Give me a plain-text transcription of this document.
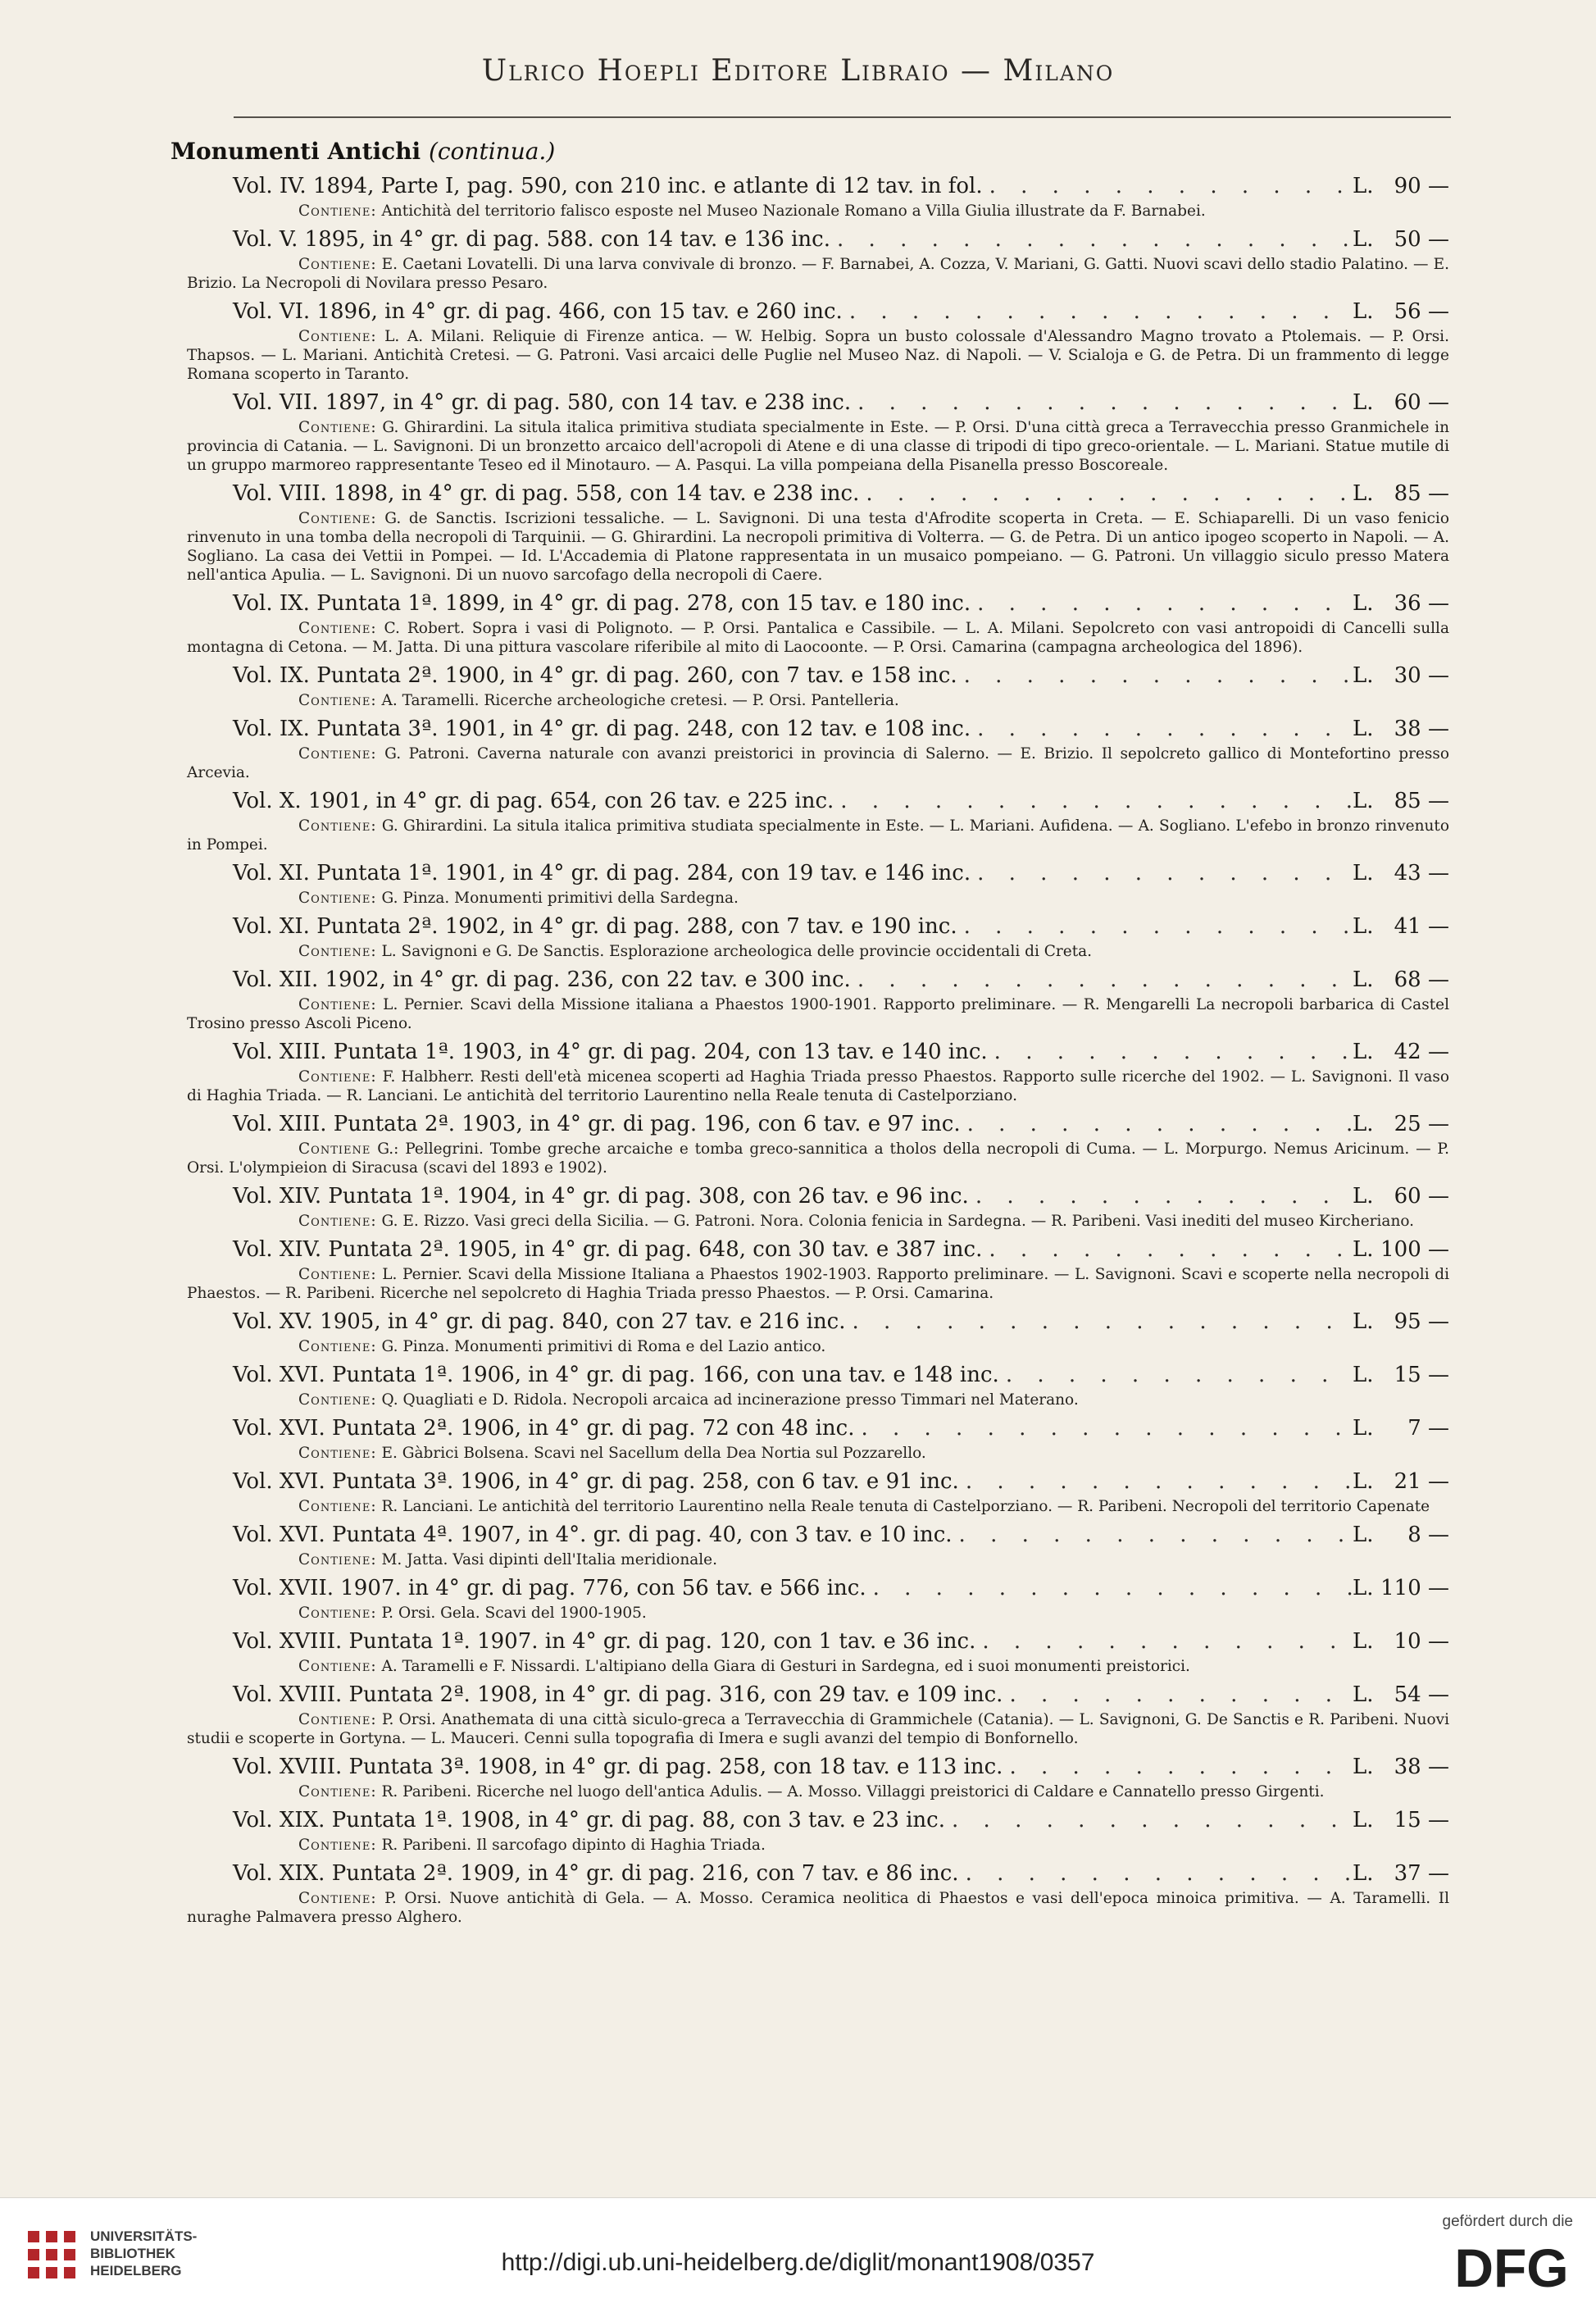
Ulrico Hoepli Editore Libraio — Milano
Monumenti Antichi (continua.)
Vol. IV. 1894, Parte I, pag. 590, con 210 inc. e atlante di 12 tav. in fol. . . .	L. 90 —
Contiene: Antichità del territorio falisco esposte nel Museo Nazionale Romano a Villa Giulia illustrate da F. Barnabei.
Vol. V. 1895, in 4° gr. di pag. 588. con 14 tav. e 136 inc. . . .	L. 50 —
Contiene: E. Caetani Lovatelli. Di una larva convivale di bronzo. — F. Barnabei, A. Cozza, V. Mariani, G. Gatti. Nuovi scavi dello stadio Palatino. — E. Brizio. La Necropoli di Novilara presso Pesaro.
Vol. VI. 1896, in 4° gr. di pag. 466, con 15 tav. e 260 inc. . . .	L. 56 —
Contiene: L. A. Milani. Reliquie di Firenze antica. — W. Helbig. Sopra un busto colossale d'Alessandro Magno trovato a Ptolemais. — P. Orsi. Thapsos. — L. Mariani. Antichità Cretesi. — G. Patroni. Vasi arcaici delle Puglie nel Museo Naz. di Napoli. — V. Scialoja e G. de Petra. Di un frammento di legge Romana scoperto in Taranto.
Vol. VII. 1897, in 4° gr. di pag. 580, con 14 tav. e 238 inc. . . .	L. 60 —
Contiene: G. Ghirardini. La situla italica primitiva studiata specialmente in Este. — P. Orsi. D'una città greca a Terravecchia presso Granmichele in provincia di Catania. — L. Savignoni. Di un bronzetto arcaico dell'acropoli di Atene e di una classe di tripodi di tipo greco-orientale. — L. Mariani. Statue mutile di un gruppo marmoreo rappresentante Teseo ed il Minotauro. — A. Pasqui. La villa pompeiana della Pisanella presso Boscoreale.
Vol. VIII. 1898, in 4° gr. di pag. 558, con 14 tav. e 238 inc. . . .	L. 85 —
Contiene: G. de Sanctis. Iscrizioni tessaliche. — L. Savignoni. Di una testa d'Afrodite scoperta in Creta. — E. Schiaparelli. Di un vaso fenicio rinvenuto in una tomba della necropoli di Tarquinii. — G. Ghirardini. La necropoli primitiva di Volterra. — G. de Petra. Di un antico ipogeo scoperto in Napoli. — A. Sogliano. La casa dei Vettii in Pompei. — Id. L'Accademia di Platone rappresentata in un musaico pompeiano. — G. Patroni. Un villaggio siculo presso Matera nell'antica Apulia. — L. Savignoni. Di un nuovo sarcofago della necropoli di Caere.
Vol. IX. Puntata 1ª. 1899, in 4° gr. di pag. 278, con 15 tav. e 180 inc. . . .	L. 36 —
Contiene: C. Robert. Sopra i vasi di Polignoto. — P. Orsi. Pantalica e Cassibile. — L. A. Milani. Sepolcreto con vasi antropoidi di Cancelli sulla montagna di Cetona. — M. Jatta. Di una pittura vascolare riferibile al mito di Laocoonte. — P. Orsi. Camarina (campagna archeologica del 1896).
Vol. IX. Puntata 2ª. 1900, in 4° gr. di pag. 260, con 7 tav. e 158 inc. . . .	L. 30 —
Contiene: A. Taramelli. Ricerche archeologiche cretesi. — P. Orsi. Pantelleria.
Vol. IX. Puntata 3ª. 1901, in 4° gr. di pag. 248, con 12 tav. e 108 inc. . . .	L. 38 —
Contiene: G. Patroni. Caverna naturale con avanzi preistorici in provincia di Salerno. — E. Brizio. Il sepolcreto gallico di Montefortino presso Arcevia.
Vol. X. 1901, in 4° gr. di pag. 654, con 26 tav. e 225 inc. . . .	L. 85 —
Contiene: G. Ghirardini. La situla italica primitiva studiata specialmente in Este. — L. Mariani. Aufidena. — A. Sogliano. L'efebo in bronzo rinvenuto in Pompei.
Vol. XI. Puntata 1ª. 1901, in 4° gr. di pag. 284, con 19 tav. e 146 inc. . . .	L. 43 —
Contiene: G. Pinza. Monumenti primitivi della Sardegna.
Vol. XI. Puntata 2ª. 1902, in 4° gr. di pag. 288, con 7 tav. e 190 inc. . . .	L. 41 —
Contiene: L. Savignoni e G. De Sanctis. Esplorazione archeologica delle provincie occidentali di Creta.
Vol. XII. 1902, in 4° gr. di pag. 236, con 22 tav. e 300 inc. . . .	L. 68 —
Contiene: L. Pernier. Scavi della Missione italiana a Phaestos 1900-1901. Rapporto preliminare. — R. Mengarelli La necropoli barbarica di Castel Trosino presso Ascoli Piceno.
Vol. XIII. Puntata 1ª. 1903, in 4° gr. di pag. 204, con 13 tav. e 140 inc. . . .	L. 42 —
Contiene: F. Halbherr. Resti dell'età micenea scoperti ad Haghia Triada presso Phaestos. Rapporto sulle ricerche del 1902. — L. Savignoni. Il vaso di Haghia Triada. — R. Lanciani. Le antichità del territorio Laurentino nella Reale tenuta di Castelporziano.
Vol. XIII. Puntata 2ª. 1903, in 4° gr. di pag. 196, con 6 tav. e 97 inc. . . .	L. 25 —
Contiene G.: Pellegrini. Tombe greche arcaiche e tomba greco-sannitica a tholos della necropoli di Cuma. — L. Morpurgo. Nemus Aricinum. — P. Orsi. L'olympieion di Siracusa (scavi del 1893 e 1902).
Vol. XIV. Puntata 1ª. 1904, in 4° gr. di pag. 308, con 26 tav. e 96 inc. . . .	L. 60 —
Contiene: G. E. Rizzo. Vasi greci della Sicilia. — G. Patroni. Nora. Colonia fenicia in Sardegna. — R. Paribeni. Vasi inediti del museo Kircheriano.
Vol. XIV. Puntata 2ª. 1905, in 4° gr. di pag. 648, con 30 tav. e 387 inc. . . .	L. 100 —
Contiene: L. Pernier. Scavi della Missione Italiana a Phaestos 1902-1903. Rapporto preliminare. — L. Savignoni. Scavi e scoperte nella necropoli di Phaestos. — R. Paribeni. Ricerche nel sepolcreto di Haghia Triada presso Phaestos. — P. Orsi. Camarina.
Vol. XV. 1905, in 4° gr. di pag. 840, con 27 tav. e 216 inc. . . .	L. 95 —
Contiene: G. Pinza. Monumenti primitivi di Roma e del Lazio antico.
Vol. XVI. Puntata 1ª. 1906, in 4° gr. di pag. 166, con una tav. e 148 inc. . . .	L. 15 —
Contiene: Q. Quagliati e D. Ridola. Necropoli arcaica ad incinerazione presso Timmari nel Materano.
Vol. XVI. Puntata 2ª. 1906, in 4° gr. di pag. 72 con 48 inc. . . .	L.	7 —
Contiene: E. Gàbrici Bolsena. Scavi nel Sacellum della Dea Nortia sul Pozzarello.
Vol. XVI. Puntata 3ª. 1906, in 4° gr. di pag. 258, con 6 tav. e 91 inc. . . .	L. 21 —
Contiene: R. Lanciani. Le antichità del territorio Laurentino nella Reale tenuta di Castelporziano. — R. Paribeni. Necropoli del territorio Capenate
Vol. XVI. Puntata 4ª. 1907, in 4°. gr. di pag. 40, con 3 tav. e 10 inc. . . .	L.	8 —
Contiene: M. Jatta. Vasi dipinti dell'Italia meridionale.
Vol. XVII. 1907. in 4° gr. di pag. 776, con 56 tav. e 566 inc. . . .	L. 110 —
Contiene: P. Orsi. Gela. Scavi del 1900-1905.
Vol. XVIII. Puntata 1ª. 1907. in 4° gr. di pag. 120, con 1 tav. e 36 inc. . . .	L. 10 —
Contiene: A. Taramelli e F. Nissardi. L'altipiano della Giara di Gesturi in Sardegna, ed i suoi monumenti preistorici.
Vol. XVIII. Puntata 2ª. 1908, in 4° gr. di pag. 316, con 29 tav. e 109 inc. . . .	L. 54 —
Contiene: P. Orsi. Anathemata di una città siculo-greca a Terravecchia di Grammichele (Catania). — L. Savignoni, G. De Sanctis e R. Paribeni. Nuovi studii e scoperte in Gortyna. — L. Mauceri. Cenni sulla topografia di Imera e sugli avanzi del tempio di Bonfornello.
Vol. XVIII. Puntata 3ª. 1908, in 4° gr. di pag. 258, con 18 tav. e 113 inc. . . .	L. 38 —
Contiene: R. Paribeni. Ricerche nel luogo dell'antica Adulis. — A. Mosso. Villaggi preistorici di Caldare e Cannatello presso Girgenti.
Vol. XIX. Puntata 1ª. 1908, in 4° gr. di pag. 88, con 3 tav. e 23 inc. . . .	L. 15 —
Contiene: R. Paribeni. Il sarcofago dipinto di Haghia Triada.
Vol. XIX. Puntata 2ª. 1909, in 4° gr. di pag. 216, con 7 tav. e 86 inc. . . .	L. 37 —
Contiene: P. Orsi. Nuove antichità di Gela. — A. Mosso. Ceramica neolitica di Phaestos e vasi dell'epoca minoica primitiva. — A. Taramelli. Il nuraghe Palmavera presso Alghero.
UNIVERSITÄTS-
BIBLIOTHEK
HEIDELBERG	http://digi.ub.uni-heidelberg.de/diglit/monant1908/0357
gefördert durch die
DFG
